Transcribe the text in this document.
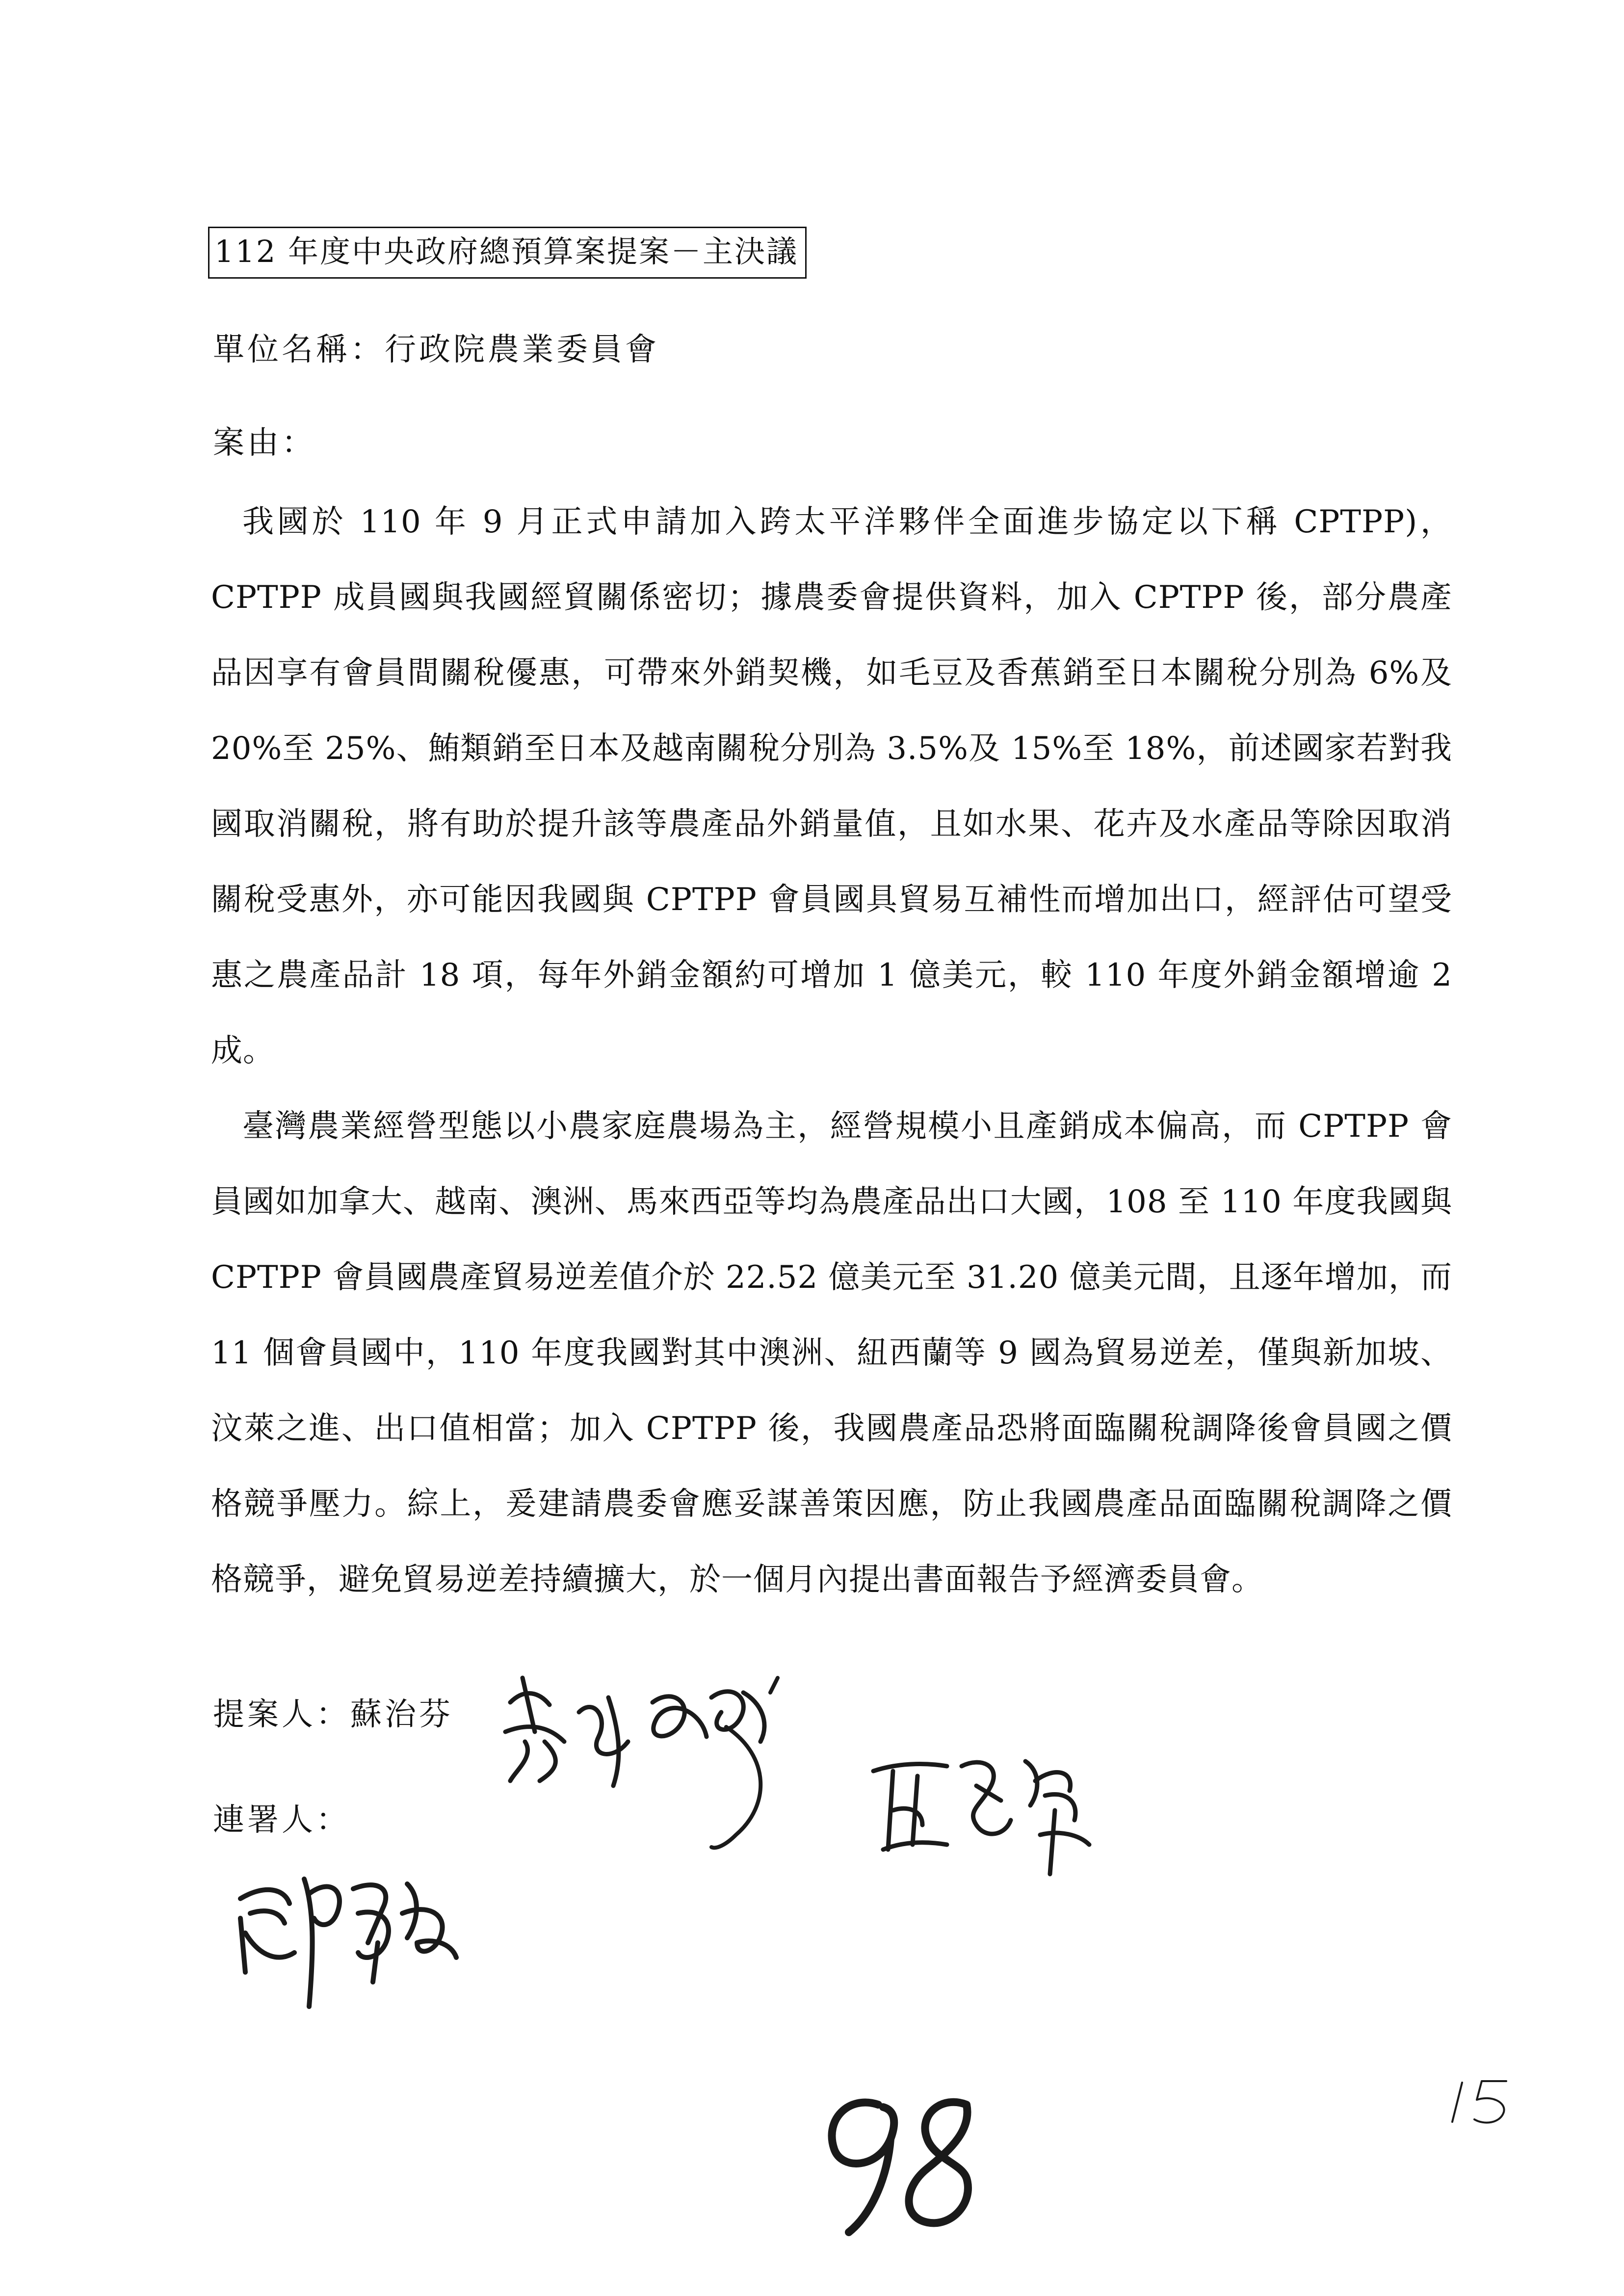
112 年度中央政府總預算案提案－主決議
單位名稱：行政院農業委員會
案由：

我國於 110 年 9 月正式申請加入跨太平洋夥伴全面進步協定以下稱 CPTPP)，CPTPP 成員國與我國經貿關係密切；據農委會提供資料，加入 CPTPP 後，部分農產品因享有會員間關稅優惠，可帶來外銷契機，如毛豆及香蕉銷至日本關稅分別為 6%及 20%至 25%、鮪類銷至日本及越南關稅分別為 3.5%及 15%至 18%，前述國家若對我國取消關稅，將有助於提升該等農產品外銷量值，且如水果、花卉及水產品等除因取消關稅受惠外，亦可能因我國與 CPTPP 會員國具貿易互補性而增加出口，經評估可望受惠之農產品計 18 項，每年外銷金額約可增加 1 億美元，較 110 年度外銷金額增逾 2 成。

臺灣農業經營型態以小農家庭農場為主，經營規模小且產銷成本偏高，而 CPTPP 會員國如加拿大、越南、澳洲、馬來西亞等均為農產品出口大國，108 至 110 年度我國與 CPTPP 會員國農產貿易逆差值介於 22.52 億美元至 31.20 億美元間，且逐年增加，而 11 個會員國中，110 年度我國對其中澳洲、紐西蘭等 9 國為貿易逆差，僅與新加坡、汶萊之進、出口值相當；加入 CPTPP 後，我國農產品恐將面臨關稅調降後會員國之價格競爭壓力。綜上，爰建請農委會應妥謀善策因應，防止我國農產品面臨關稅調降之價格競爭，避免貿易逆差持續擴大，於一個月內提出書面報告予經濟委員會。

提案人：蘇治芬
連署人：
